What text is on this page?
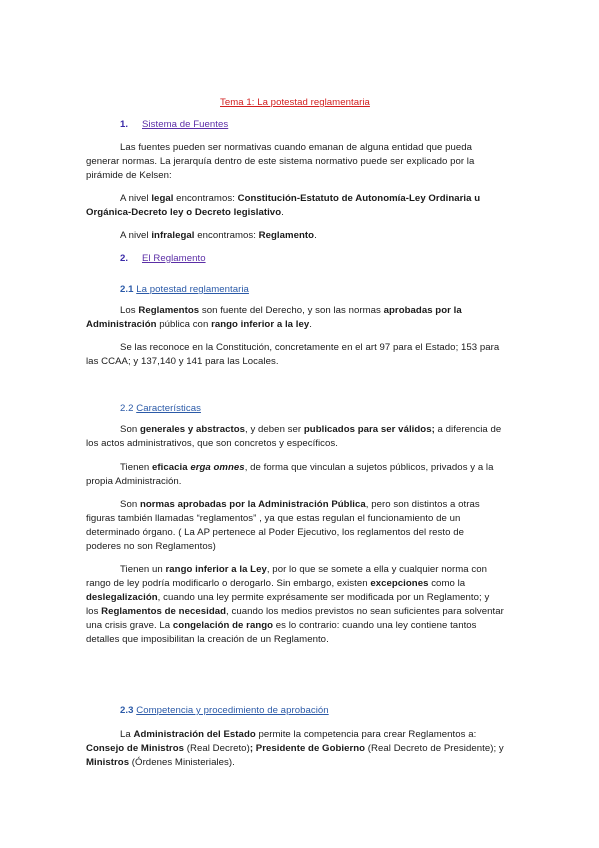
Tema 1: La potestad reglamentaria
1. Sistema de Fuentes
Las fuentes pueden ser normativas cuando emanan de alguna entidad que pueda
generar normas. La jerarquía dentro de este sistema normativo puede ser explicado por la
pirámide de Kelsen:
A nivel legal encontramos: Constitución-Estatuto de Autonomía-Ley Ordinaria u
Orgánica-Decreto ley o Decreto legislativo.
A nivel infralegal encontramos: Reglamento.
2. El Reglamento
2.1 La potestad reglamentaria
Los Reglamentos son fuente del Derecho, y son las normas aprobadas por la
Administración pública con rango inferior a la ley.
Se las reconoce en la Constitución, concretamente en el art 97 para el Estado; 153 para
las CCAA; y 137,140 y 141 para las Locales.
2.2 Características
Son generales y abstractos, y deben ser publicados para ser válidos; a diferencia de
los actos administrativos, que son concretos y específicos.
Tienen eficacia erga omnes, de forma que vinculan a sujetos públicos, privados y a la
propia Administración.
Son normas aprobadas por la Administración Pública, pero son distintos a otras
figuras también llamadas “reglamentos” , ya que estas regulan el funcionamiento de un
determinado órgano. ( La AP pertenece al Poder Ejecutivo, los reglamentos del resto de
poderes no son Reglamentos)
Tienen un rango inferior a la Ley, por lo que se somete a ella y cualquier norma con
rango de ley podría modificarlo o derogarlo. Sin embargo, existen excepciones como la
deslegalización, cuando una ley permite exprésamente ser modificada por un Reglamento; y
los Reglamentos de necesidad, cuando los medios previstos no sean suficientes para solventar
una crisis grave. La congelación de rango es lo contrario: cuando una ley contiene tantos
detalles que imposibilitan la creación de un Reglamento.
2.3 Competencia y procedimiento de aprobación
La Administración del Estado permite la competencia para crear Reglamentos a:
Consejo de Ministros (Real Decreto); Presidente de Gobierno (Real Decreto de Presidente); y
Ministros (Órdenes Ministeriales).
